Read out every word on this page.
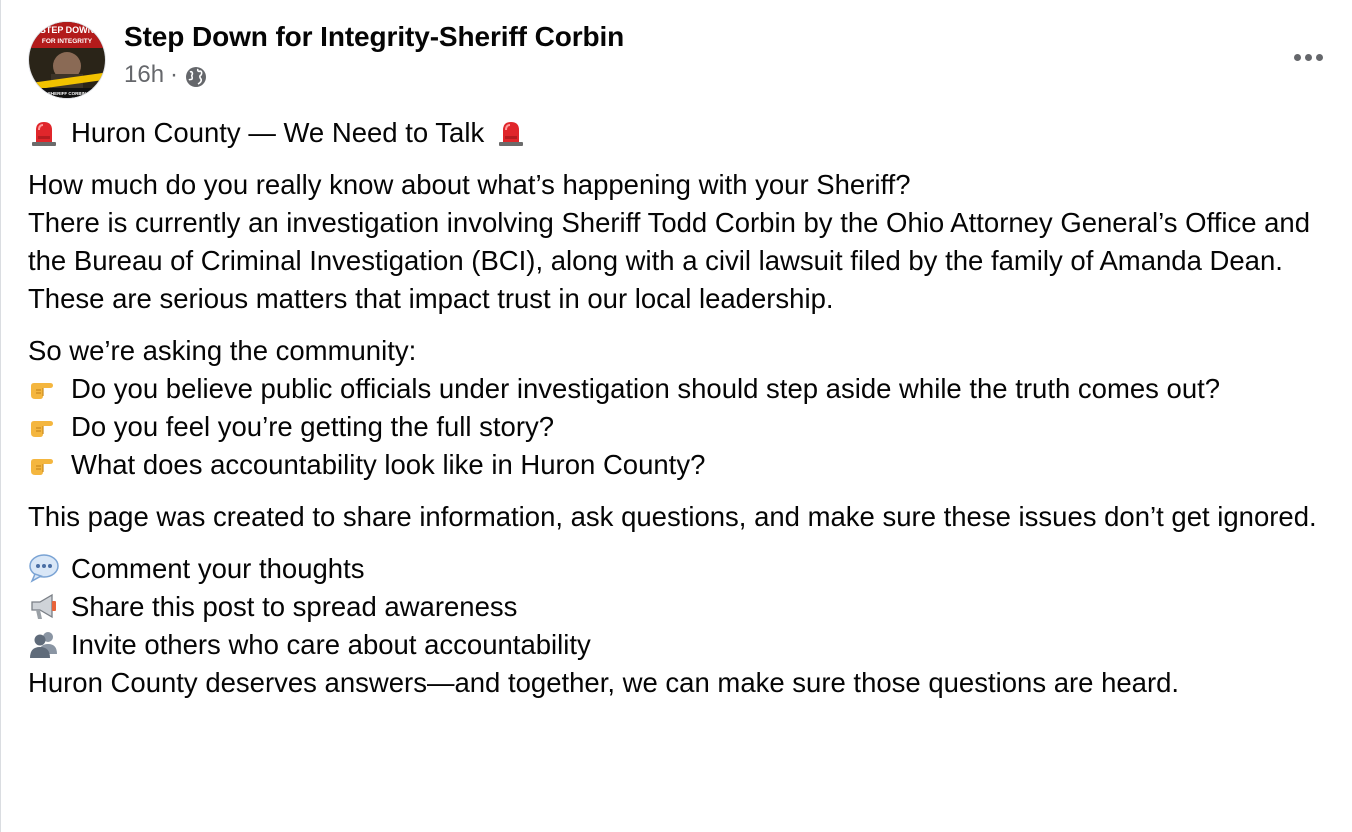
STEP DOWN
FOR INTEGRITY
SHERIFF CORBIN
Step Down for Integrity-Sheriff Corbin
16h ·
Huron County — We Need to Talk
How much do you really know about what’s happening with your Sheriff?
There is currently an investigation involving Sheriff Todd Corbin by the Ohio Attorney General’s Office and the Bureau of Criminal Investigation (BCI), along with a civil lawsuit filed by the family of Amanda Dean.
These are serious matters that impact trust in our local leadership.
So we’re asking the community:
Do you believe public officials under investigation should step aside while the truth comes out?
Do you feel you’re getting the full story?
What does accountability look like in Huron County?
This page was created to share information, ask questions, and make sure these issues don’t get ignored.
Comment your thoughts
Share this post to spread awareness
Invite others who care about accountability
Huron County deserves answers—and together, we can make sure those questions are heard.
